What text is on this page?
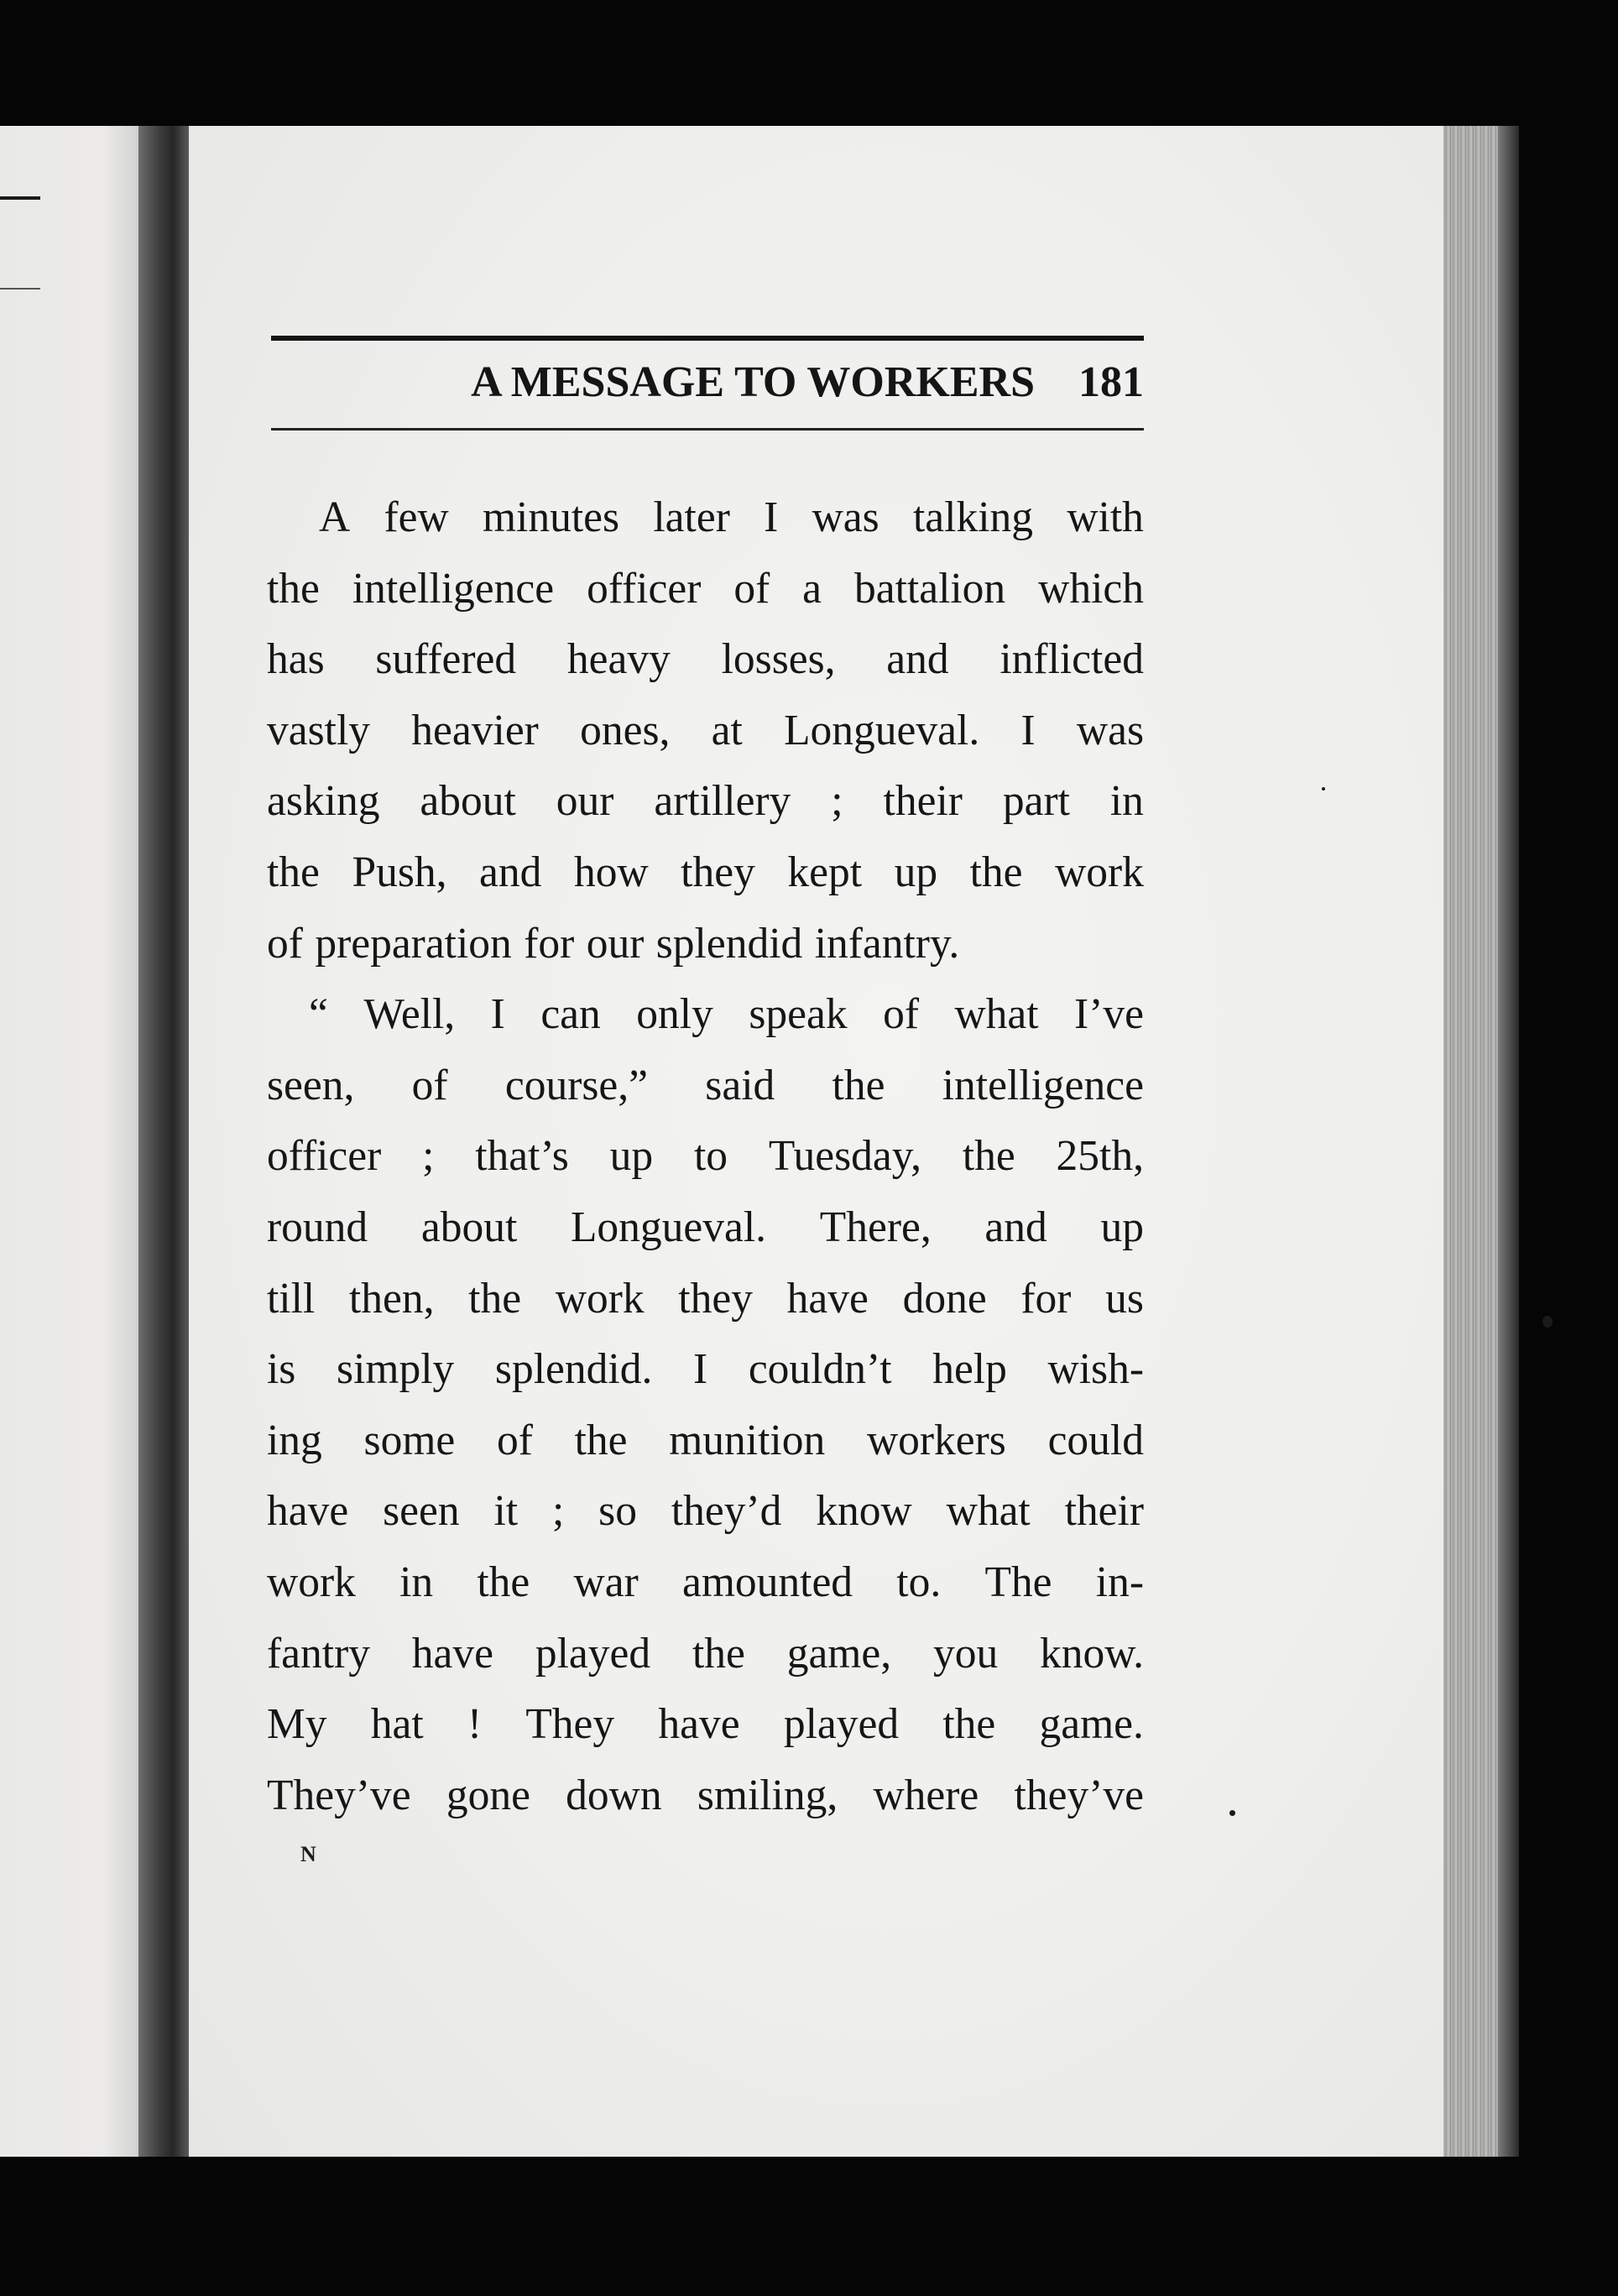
A MESSAGE TO WORKERS 181
A few minutes later I was talking with
the intelligence officer of a battalion which
has suffered heavy losses, and inflicted
vastly heavier ones, at Longueval. I was
asking about our artillery ; their part in
the Push, and how they kept up the work
of preparation for our splendid infantry.
“ Well, I can only speak of what I’ve
seen, of course,” said the intelligence
officer ; that’s up to Tuesday, the 25th,
round about Longueval. There, and up
till then, the work they have done for us
is simply splendid. I couldn’t help wish-
ing some of the munition workers could
have seen it ; so they’d know what their
work in the war amounted to. The in-
fantry have played the game, you know.
My hat ! They have played the game.
They’ve gone down smiling, where they’ve
N
